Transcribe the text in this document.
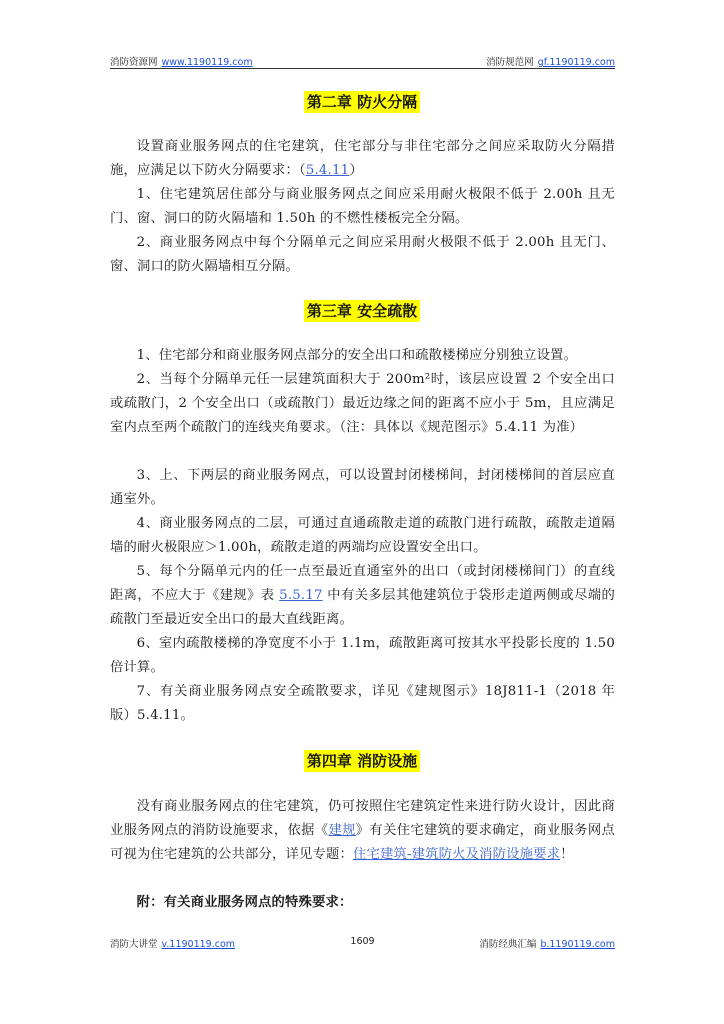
消防资源网 www.1190119.com	消防规范网 gf.1190119.com
第二章 防火分隔
设置商业服务网点的住宅建筑，住宅部分与非住宅部分之间应采取防火分隔措施，应满足以下防火分隔要求：（5.4.11）
1、住宅建筑居住部分与商业服务网点之间应采用耐火极限不低于 2.00h 且无门、窗、洞口的防火隔墙和 1.50h 的不燃性楼板完全分隔。
2、商业服务网点中每个分隔单元之间应采用耐火极限不低于 2.00h 且无门、窗、洞口的防火隔墙相互分隔。
第三章 安全疏散
1、住宅部分和商业服务网点部分的安全出口和疏散楼梯应分别独立设置。
2、当每个分隔单元任一层建筑面积大于 200m²时，该层应设置 2 个安全出口或疏散门，2 个安全出口（或疏散门）最近边缘之间的距离不应小于 5m，且应满足室内点至两个疏散门的连线夹角要求。（注：具体以《规范图示》5.4.11 为准）
3、上、下两层的商业服务网点，可以设置封闭楼梯间，封闭楼梯间的首层应直通室外。
4、商业服务网点的二层，可通过直通疏散走道的疏散门进行疏散，疏散走道隔墙的耐火极限应＞1.00h，疏散走道的两端均应设置安全出口。
5、每个分隔单元内的任一点至最近直通室外的出口（或封闭楼梯间门）的直线距离，不应大于《建规》表 5.5.17 中有关多层其他建筑位于袋形走道两侧或尽端的疏散门至最近安全出口的最大直线距离。
6、室内疏散楼梯的净宽度不小于 1.1m，疏散距离可按其水平投影长度的 1.50 倍计算。
7、有关商业服务网点安全疏散要求，详见《建规图示》18J811-1（2018 年版）5.4.11。
第四章 消防设施
没有商业服务网点的住宅建筑，仍可按照住宅建筑定性来进行防火设计，因此商业服务网点的消防设施要求，依据《建规》有关住宅建筑的要求确定，商业服务网点可视为住宅建筑的公共部分，详见专题：住宅建筑-建筑防火及消防设施要求！
附：有关商业服务网点的特殊要求：
消防大讲堂 v.1190119.com	1609	消防经典汇编 b.1190119.com
